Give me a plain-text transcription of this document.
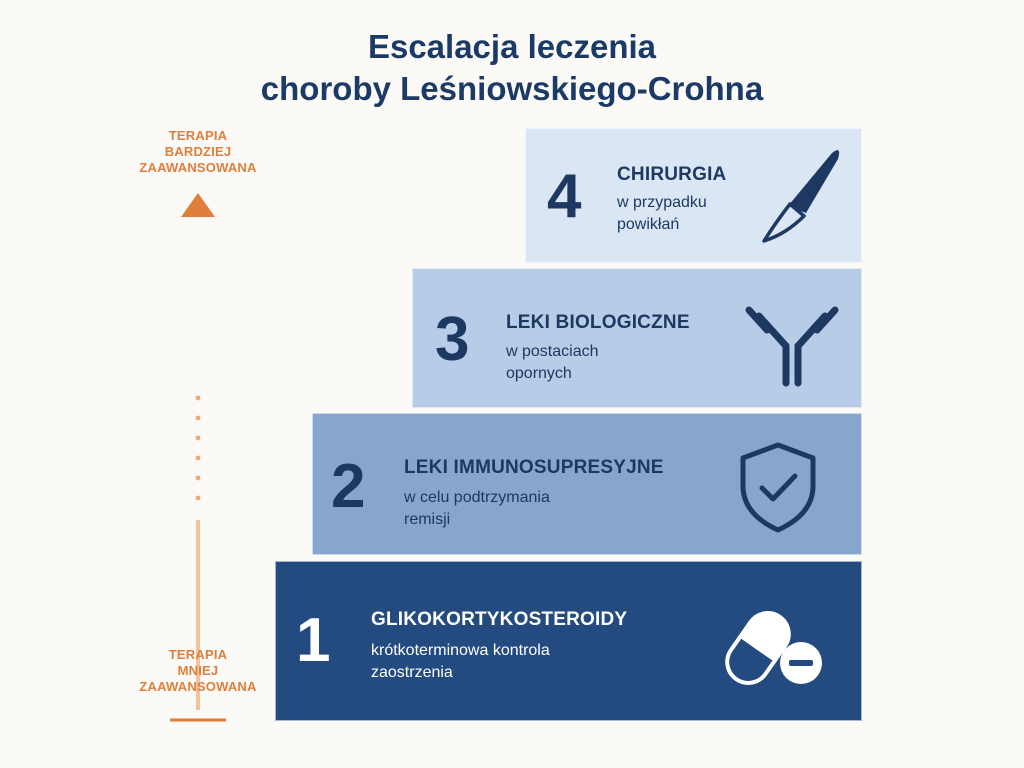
Escalacja leczenia
choroby Leśniowskiego-Crohna
TERAPIA
BARDZIEJ
ZAAWANSOWANA
TERAPIA
MNIEJ
ZAAWANSOWANA
4 CHIRURGIA
w przypadku
powikłań
3 LEKI BIOLOGICZNE
w postaciach
opornych
2 LEKI IMMUNOSUPRESYJNE
w celu podtrzymania
remisji
1 GLIKOKORTYKOSTEROIDY
krótkoterminowa kontrola
zaostrzenia
